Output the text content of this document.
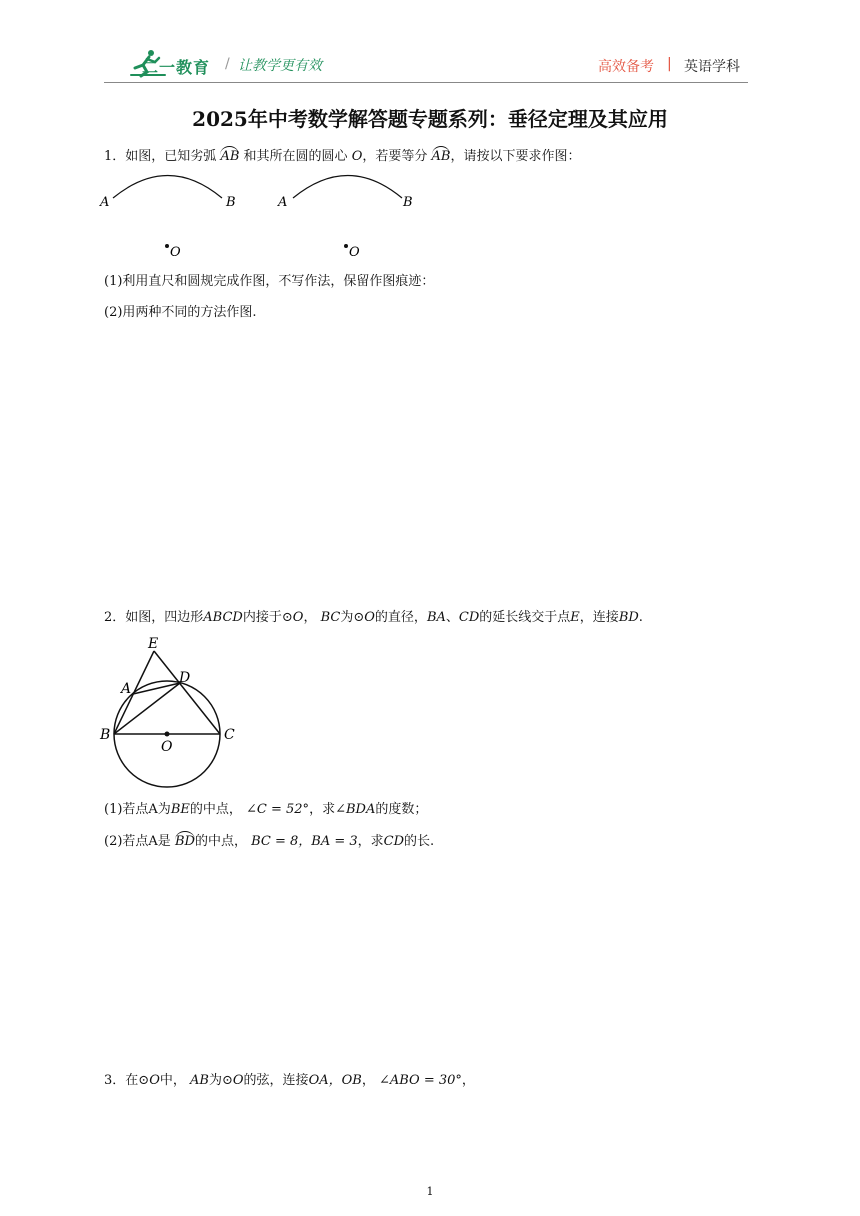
二一教育 / 让教学更有效	高效备考 | 英语学科
2025年中考数学解答题专题系列：垂径定理及其应用
1．如图，已知劣弧 AB 和其所在圆的圆心 O，若要等分 AB，请按以下要求作图：
A	B
O
A	B
O
(1)利用直尺和圆规完成作图，不写作法，保留作图痕迹：
(2)用两种不同的方法作图.
2．如图，四边形ABCD内接于⊙O， BC为⊙O的直径，BA、CD的延长线交于点E，连接BD.
E
D
A
B
O
C
(1)若点A为BE的中点， ∠C = 52°，求∠BDA的度数；
(2)若点A是 BD的中点， BC = 8，BA = 3，求CD的长.
3．在⊙O中， AB为⊙O的弦，连接OA，OB， ∠ABO = 30°，
1
